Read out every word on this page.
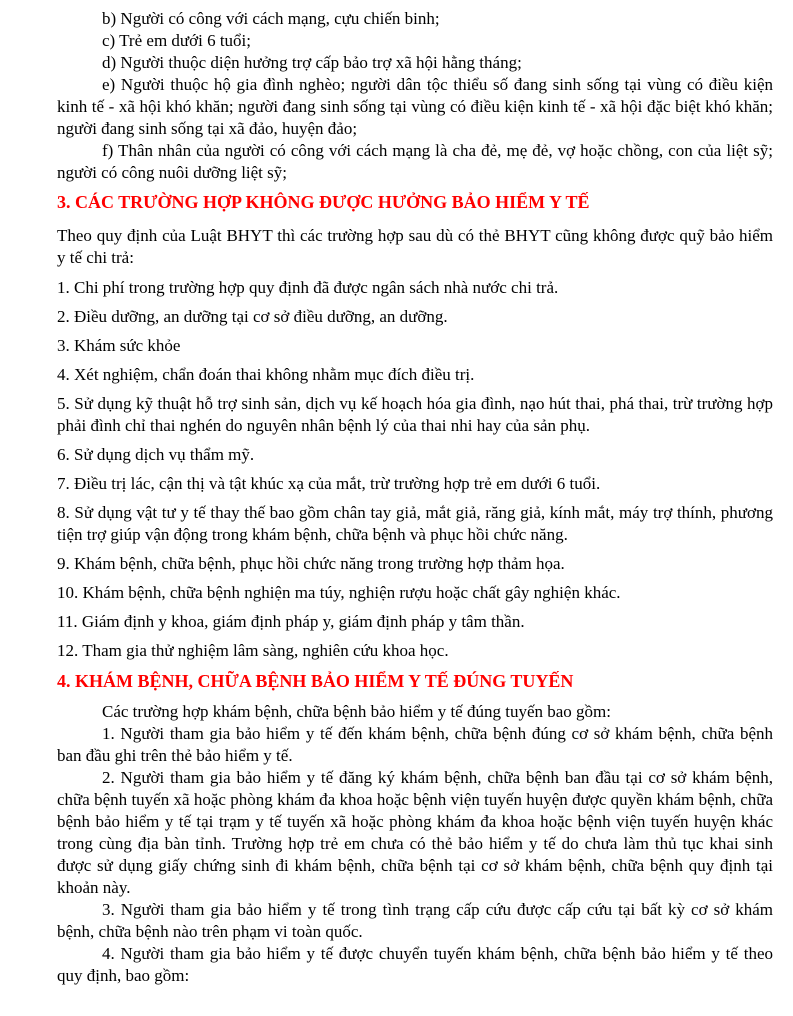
b) Người có công với cách mạng, cựu chiến binh;

c) Trẻ em dưới 6 tuổi;

d) Người thuộc diện hưởng trợ cấp bảo trợ xã hội hằng tháng;

e) Người thuộc hộ gia đình nghèo; người dân tộc thiểu số đang sinh sống tại vùng có điều kiện kinh tế - xã hội khó khăn; người đang sinh sống tại vùng có điều kiện kinh tế - xã hội đặc biệt khó khăn; người đang sinh sống tại xã đảo, huyện đảo;

f) Thân nhân của người có công với cách mạng là cha đẻ, mẹ đẻ, vợ hoặc chồng, con của liệt sỹ; người có công nuôi dưỡng liệt sỹ;

3. CÁC TRƯỜNG HỢP KHÔNG ĐƯỢC HƯỞNG BẢO HIỂM Y TẾ

Theo quy định của Luật BHYT thì các trường hợp sau dù có thẻ BHYT cũng không được quỹ bảo hiểm y tế chi trả:

1. Chi phí trong trường hợp quy định đã được ngân sách nhà nước chi trả.

2. Điều dưỡng, an dưỡng tại cơ sở điều dưỡng, an dưỡng.

3. Khám sức khỏe

4. Xét nghiệm, chẩn đoán thai không nhằm mục đích điều trị.

5. Sử dụng kỹ thuật hỗ trợ sinh sản, dịch vụ kế hoạch hóa gia đình, nạo hút thai, phá thai, trừ trường hợp phải đình chỉ thai nghén do nguyên nhân bệnh lý của thai nhi hay của sản phụ.

6. Sử dụng dịch vụ thẩm mỹ.

7. Điều trị lác, cận thị và tật khúc xạ của mắt, trừ trường hợp trẻ em dưới 6 tuổi.

8. Sử dụng vật tư y tế thay thế bao gồm chân tay giả, mắt giả, răng giả, kính mắt, máy trợ thính, phương tiện trợ giúp vận động trong khám bệnh, chữa bệnh và phục hồi chức năng.

9. Khám bệnh, chữa bệnh, phục hồi chức năng trong trường hợp thảm họa.

10. Khám bệnh, chữa bệnh nghiện ma túy, nghiện rượu hoặc chất gây nghiện khác.

11. Giám định y khoa, giám định pháp y, giám định pháp y tâm thần.

12. Tham gia thử nghiệm lâm sàng, nghiên cứu khoa học.

4. KHÁM BỆNH, CHỮA BỆNH BẢO HIỂM Y TẾ ĐÚNG TUYẾN

Các trường hợp khám bệnh, chữa bệnh bảo hiểm y tế đúng tuyến bao gồm:

1. Người tham gia bảo hiểm y tế đến khám bệnh, chữa bệnh đúng cơ sở khám bệnh, chữa bệnh ban đầu ghi trên thẻ bảo hiểm y tế.

2. Người tham gia bảo hiểm y tế đăng ký khám bệnh, chữa bệnh ban đầu tại cơ sở khám bệnh, chữa bệnh tuyến xã hoặc phòng khám đa khoa hoặc bệnh viện tuyến huyện được quyền khám bệnh, chữa bệnh bảo hiểm y tế tại trạm y tế tuyến xã hoặc phòng khám đa khoa hoặc bệnh viện tuyến huyện khác trong cùng địa bàn tỉnh. Trường hợp trẻ em chưa có thẻ bảo hiểm y tế do chưa làm thủ tục khai sinh được sử dụng giấy chứng sinh đi khám bệnh, chữa bệnh tại cơ sở khám bệnh, chữa bệnh quy định tại khoản này.

3. Người tham gia bảo hiểm y tế trong tình trạng cấp cứu được cấp cứu tại bất kỳ cơ sở khám bệnh, chữa bệnh nào trên phạm vi toàn quốc.

4. Người tham gia bảo hiểm y tế được chuyển tuyến khám bệnh, chữa bệnh bảo hiểm y tế theo quy định, bao gồm:
